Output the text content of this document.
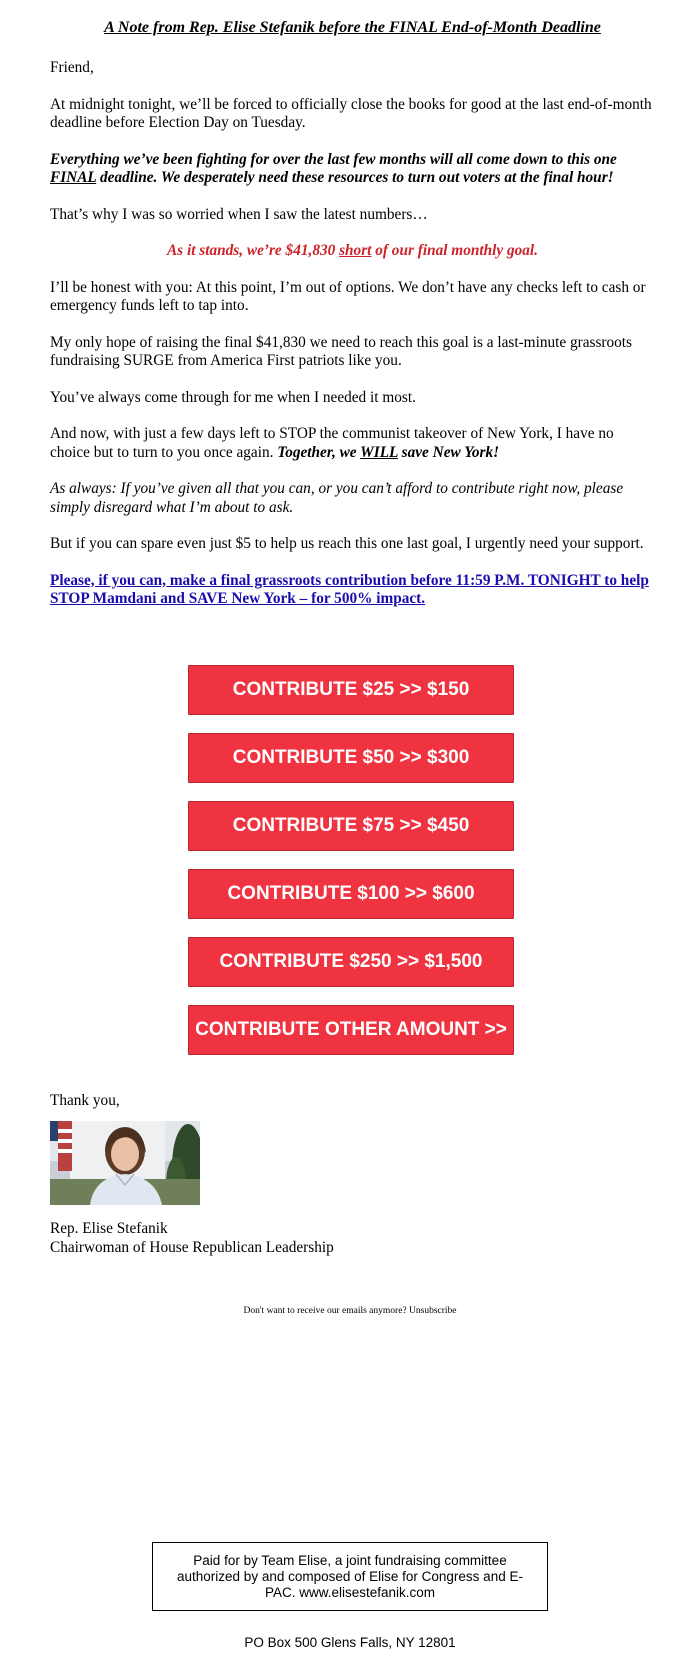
A Note from Rep. Elise Stefanik before the FINAL End-of-Month Deadline

Friend,

At midnight tonight, we’ll be forced to officially close the books for good at the last end-of-month deadline before Election Day on Tuesday.

Everything we’ve been fighting for over the last few months will all come down to this one FINAL deadline. We desperately need these resources to turn out voters at the final hour!

That’s why I was so worried when I saw the latest numbers…

As it stands, we’re $41,830 short of our final monthly goal.

I’ll be honest with you: At this point, I’m out of options. We don’t have any checks left to cash or emergency funds left to tap into.

My only hope of raising the final $41,830 we need to reach this goal is a last-minute grassroots fundraising SURGE from America First patriots like you.

You’ve always come through for me when I needed it most.

And now, with just a few days left to STOP the communist takeover of New York, I have no choice but to turn to you once again. Together, we WILL save New York!

As always: If you’ve given all that you can, or you can’t afford to contribute right now, please simply disregard what I’m about to ask.

But if you can spare even just $5 to help us reach this one last goal, I urgently need your support.

Please, if you can, make a final grassroots contribution before 11:59 P.M. TONIGHT to help STOP Mamdani and SAVE New York – for 500% impact.

CONTRIBUTE $25 >> $150
CONTRIBUTE $50 >> $300
CONTRIBUTE $75 >> $450
CONTRIBUTE $100 >> $600
CONTRIBUTE $250 >> $1,500
CONTRIBUTE OTHER AMOUNT >>
Thank you,
Rep. Elise Stefanik
Chairwoman of House Republican Leadership
Don't want to receive our emails anymore? Unsubscribe
Paid for by Team Elise, a joint fundraising committee authorized by and composed of Elise for Congress and E-PAC. www.elisestefanik.com
PO Box 500 Glens Falls, NY 12801
